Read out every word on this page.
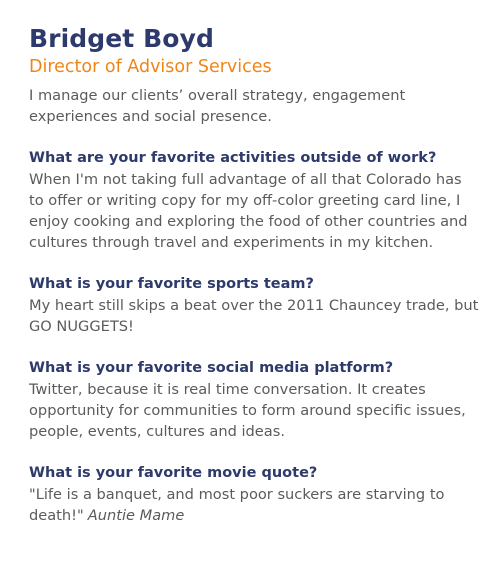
Bridget Boyd
Director of Advisor Services

I manage our clients’ overall strategy, engagement experiences and social presence.

What are your favorite activities outside of work?

When I'm not taking full advantage of all that Colorado has to offer or writing copy for my off-color greeting card line, I enjoy cooking and exploring the food of other countries and cultures through travel and experiments in my kitchen.

What is your favorite sports team?

My heart still skips a beat over the 2011 Chauncey trade, but GO NUGGETS!

What is your favorite social media platform?

Twitter, because it is real time conversation. It creates opportunity for communities to form around specific issues, people, events, cultures and ideas.

What is your favorite movie quote?

"Life is a banquet, and most poor suckers are starving to death!" Auntie Mame
